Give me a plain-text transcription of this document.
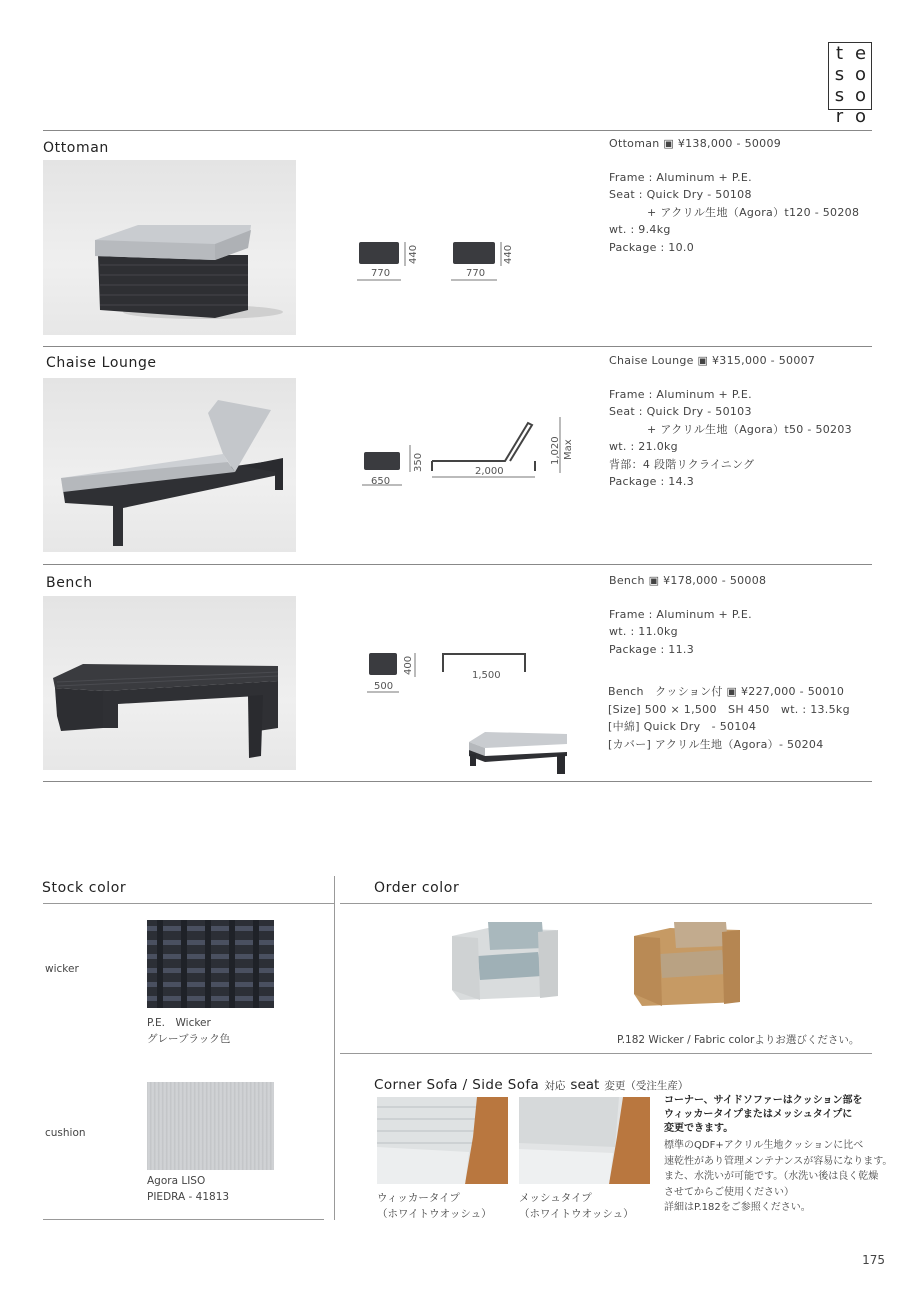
t e
s o
s o
r o
Ottoman
770
440
770
440
Ottoman ▣ ¥138,000 - 50009
Frame : Aluminum + P.E.
Seat : Quick Dry - 50108
+ アクリル生地（Agora）t120 - 50208
wt. : 9.4kg
Package : 10.0
Chaise Lounge
650
350	2,000
1,020 Max
Chaise Lounge ▣ ¥315,000 - 50007
Frame : Aluminum + P.E.
Seat : Quick Dry - 50103
+ アクリル生地（Agora）t50 - 50203
wt. : 21.0kg
背部：4 段階リクライニング
Package : 14.3
Bench
500
400
1,500
Bench ▣ ¥178,000 - 50008
Frame : Aluminum + P.E.
wt. : 11.0kg
Package : 11.3
Bench　クッション付 ▣ ¥227,000 - 50010
[Size] 500 × 1,500　SH 450　wt. : 13.5kg
[中綿] Quick Dry　- 50104
[カバー] アクリル生地（Agora）- 50204
Stock color
wicker
P.E.　Wicker
グレーブラック色
cushion
Agora LISO
PIEDRA - 41813
Order color
P.182 Wicker / Fabric colorよりお選びください。
Corner Sofa / Side Sofa 対応 seat 変更（受注生産）
ウィッカータイプ
（ホワイトウオッシュ）
メッシュタイプ
（ホワイトウオッシュ）
コーナー、サイドソファーはクッション部を
ウィッカータイプまたはメッシュタイプに
変更できます。
標準のQDF+アクリル生地クッションに比べ
速乾性があり管理メンテナンスが容易になります。
また、水洗いが可能です。（水洗い後は良く乾燥
させてからご使用ください）
詳細はP.182をご参照ください。
175
